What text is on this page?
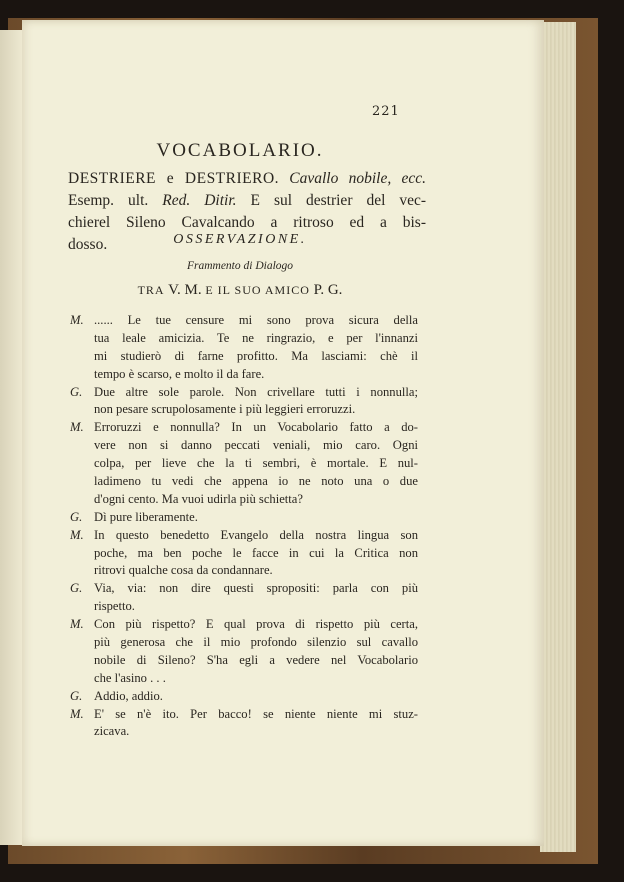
221
VOCABOLARIO.
DESTRIERE e DESTRIERO. Cavallo nobile, ecc.
Esemp. ult. Red. Ditir. E sul destrier del vec-
chierel Sileno Cavalcando a ritroso ed a bis-
dosso.	OSSERVAZIONE.
Frammento di Dialogo
TRA V. M. E IL SUO AMICO P. G.
M. ...... Le tue censure mi sono prova sicura della
tua leale amicizia. Te ne ringrazio, e per l'innanzi
mi studierò di farne profitto. Ma lasciami: chè il
tempo è scarso, e molto il da fare.
G. Due altre sole parole. Non crivellare tutti i nonnulla;
non pesare scrupolosamente i più leggieri erroruzzi.
M. Erroruzzi e nonnulla? In un Vocabolario fatto a do-
vere non si danno peccati veniali, mio caro. Ogni
colpa, per lieve che la ti sembri, è mortale. E nul-
ladimeno tu vedi che appena io ne noto una o due
d'ogni cento. Ma vuoi udirla più schietta?
G. Dì pure liberamente.
M. In questo benedetto Evangelo della nostra lingua son
poche, ma ben poche le facce in cui la Critica non
ritrovi qualche cosa da condannare.
G. Via, via: non dire questi spropositi: parla con più
rispetto.
M. Con più rispetto? E qual prova di rispetto più certa,
più generosa che il mio profondo silenzio sul cavallo
nobile di Sileno? S'ha egli a vedere nel Vocabolario
che l'asino . . .
G. Addio, addio.
M. E' se n'è ito. Per bacco! se niente niente mi stuz-
zicava.
